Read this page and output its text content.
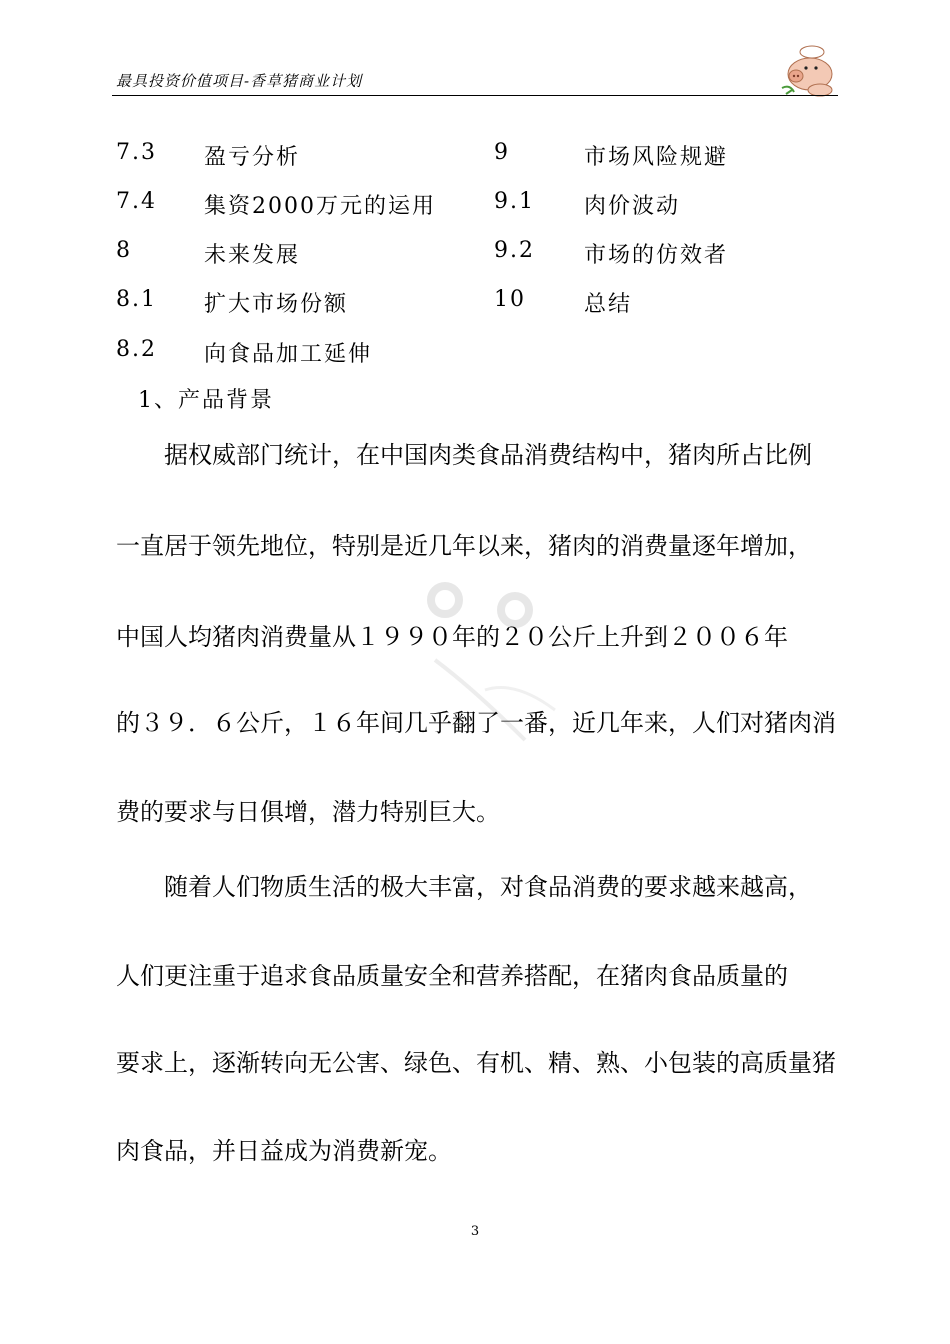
最具投资价值项目-香草猪商业计划
7.3 盈亏分析
7.4 集资2000万元的运用
8	未来发展
8.1 扩大市场份额
8.2 向食品加工延伸
9	市场风险规避
9.1 肉价波动
9.2 市场的仿效者
10	总结
1、产品背景
　　据权威部门统计，在中国肉类食品消费结构中，猪肉所占比例
一直居于领先地位，特别是近几年以来，猪肉的消费量逐年增加，
中国人均猪肉消费量从１９９０年的２０公斤上升到２００６年
的３９．６公斤，１６年间几乎翻了一番，近几年来，人们对猪肉消
费的要求与日俱增，潜力特别巨大。
　　随着人们物质生活的极大丰富，对食品消费的要求越来越高，
人们更注重于追求食品质量安全和营养搭配，在猪肉食品质量的
要求上，逐渐转向无公害、绿色、有机、精、熟、小包装的高质量猪
肉食品，并日益成为消费新宠。
3
